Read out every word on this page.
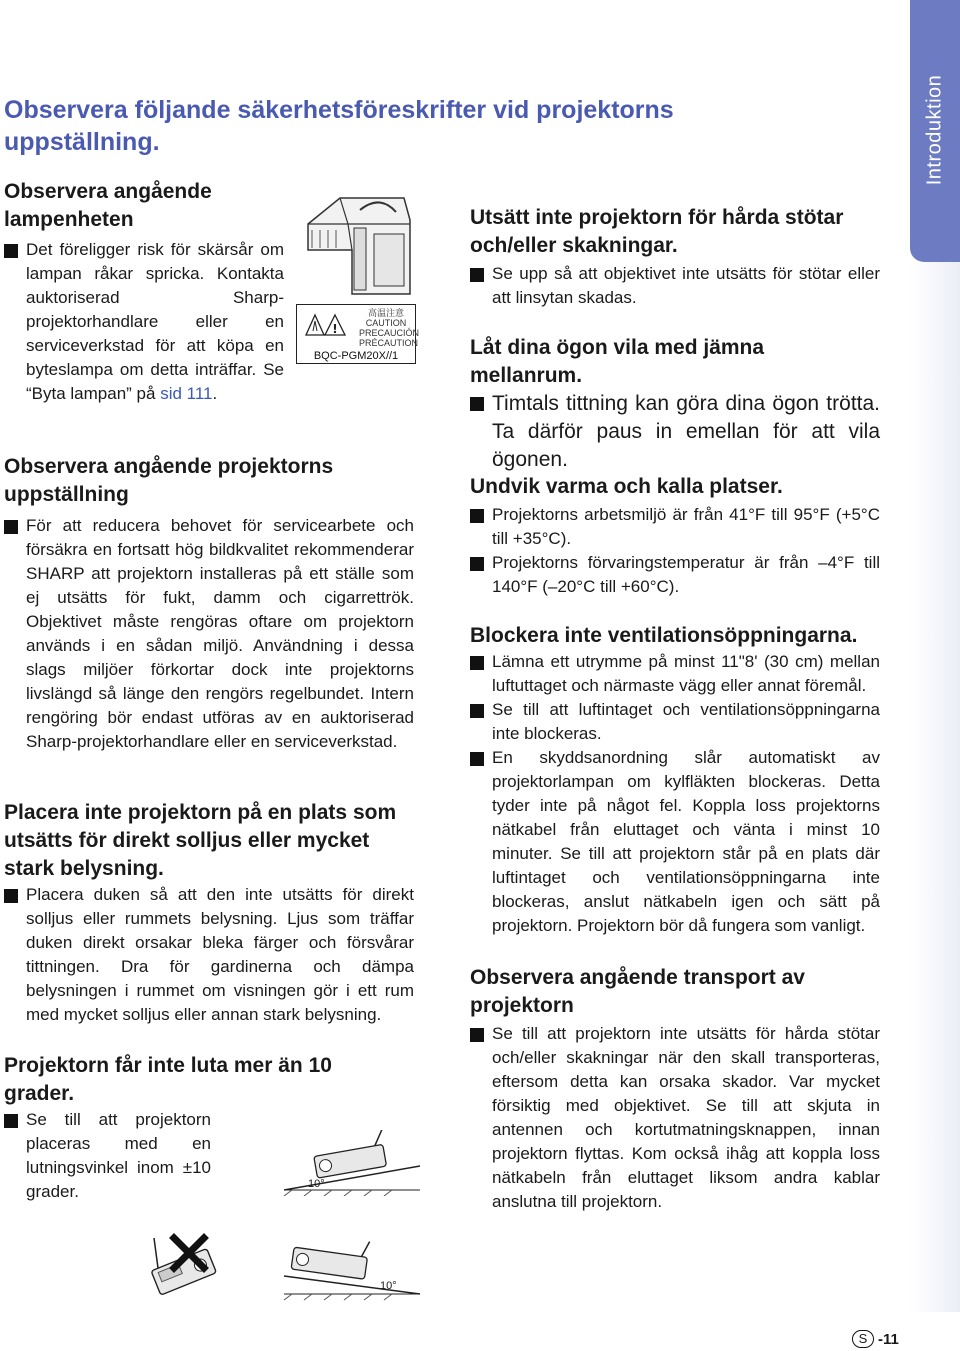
Introduktion
Observera följande säkerhetsföreskrifter vid projektorns uppställning.
Observera angående lampenheten
Det föreligger risk för skärsår om lampan råkar spricka. Kontakta auktoriserad Sharp-projektorhandlare eller en serviceverkstad för att köpa en byteslampa om detta inträffar. Se “Byta lampan” på sid 111.
!
高温注意
CAUTION
PRECAUCIÓN
PRÉCAUTION
BQC-PGM20X//1
Observera angående projektorns uppställning
För att reducera behovet för servicearbete och försäkra en fortsatt hög bildkvalitet rekommenderar SHARP att projektorn installeras på ett ställe som ej utsätts för fukt, damm och cigarrettrök. Objektivet måste rengöras oftare om projektorn används i en sådan miljö. Användning i dessa slags miljöer förkortar dock inte projektorns livslängd så länge den rengörs regelbundet. Intern rengöring bör endast utföras av en auktoriserad Sharp-projektorhandlare eller en serviceverkstad.
Placera inte projektorn på en plats som utsätts för direkt solljus eller mycket stark belysning.
Placera duken så att den inte utsätts för direkt solljus eller rummets belysning. Ljus som träffar duken direkt orsakar bleka färger och försvårar tittningen. Dra för gardinerna och dämpa belysningen i rummet om visningen gör i ett rum med mycket solljus eller annan stark belysning.
Projektorn får inte luta mer än 10 grader.
Se till att projektorn placeras med en lutningsvinkel inom ±10 grader.	10°
10°
Utsätt inte projektorn för hårda stötar och/eller skakningar.
Se upp så att objektivet inte utsätts för stötar eller att linsytan skadas.
Låt dina ögon vila med jämna mellanrum.
Timtals tittning kan göra dina ögon trötta. Ta därför paus in emellan för att vila ögonen.
Undvik varma och kalla platser.
Projektorns arbetsmiljö är från 41°F till 95°F (+5°C till +35°C).
Projektorns förvaringstemperatur är från –4°F till 140°F (–20°C till +60°C).
Blockera inte ventilationsöppningarna.
Lämna ett utrymme på minst 11"8' (30 cm) mellan luftuttaget och närmaste vägg eller annat föremål.
Se till att luftintaget och ventilationsöppningarna inte blockeras.
En skyddsanordning slår automatiskt av projektorlampan om kylfläkten blockeras. Detta tyder inte på något fel. Koppla loss projektorns nätkabel från eluttaget och vänta i minst 10 minuter. Se till att projektorn står på en plats där luftintaget och ventilationsöppningarna inte blockeras, anslut nätkabeln igen och sätt på projektorn. Projektorn bör då fungera som vanligt.
Observera angående transport av projektorn
Se till att projektorn inte utsätts för hårda stötar och/eller skakningar när den skall transporteras, eftersom detta kan orsaka skador. Var mycket försiktig med objektivet. Se till att skjuta in antennen och kortutmatningsknappen, innan projektorn flyttas. Kom också ihåg att koppla loss nätkabeln från eluttaget liksom andra kablar anslutna till projektorn.
S -11
